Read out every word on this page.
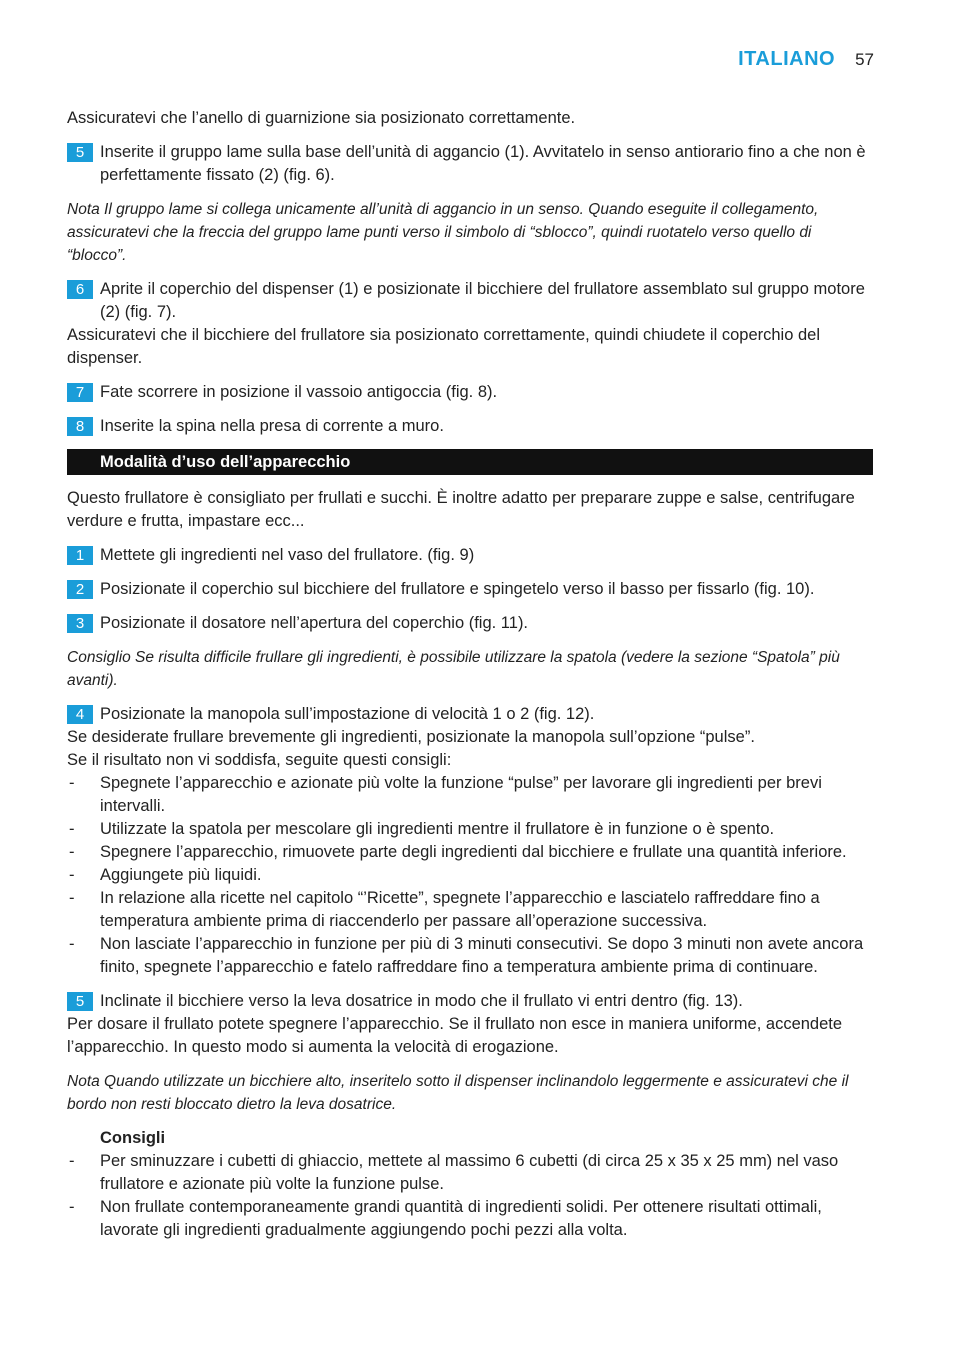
ITALIANO 57

Assicuratevi che l’anello di guarnizione sia posizionato correttamente.

5 Inserite il gruppo lame sulla base dell’unità di aggancio (1). Avvitatelo in senso antiorario fino a che non è perfettamente fissato (2) (fig. 6).

Nota Il gruppo lame si collega unicamente all’unità di aggancio in un senso. Quando eseguite il collegamento, assicuratevi che la freccia del gruppo lame punti verso il simbolo di “sblocco”, quindi ruotatelo verso quello di “blocco”.

6 Aprite il coperchio del dispenser (1) e posizionate il bicchiere del frullatore assemblato sul gruppo motore (2) (fig. 7).

Assicuratevi che il bicchiere del frullatore sia posizionato correttamente, quindi chiudete il coperchio del dispenser.

7 Fate scorrere in posizione il vassoio antigoccia (fig. 8).
8 Inserite la spina nella presa di corrente a muro.
Modalità d’uso dell’apparecchio

Questo frullatore è consigliato per frullati e succhi. È inoltre adatto per preparare zuppe e salse, centrifugare verdure e frutta, impastare ecc...

1 Mettete gli ingredienti nel vaso del frullatore. (fig. 9)
2 Posizionate il coperchio sul bicchiere del frullatore e spingetelo verso il basso per fissarlo (fig. 10).
3 Posizionate il dosatore nell’apertura del coperchio (fig. 11).

Consiglio Se risulta difficile frullare gli ingredienti, è possibile utilizzare la spatola (vedere la sezione “Spatola” più avanti).

4 Posizionate la manopola sull’impostazione di velocità 1 o 2 (fig. 12).

Se desiderate frullare brevemente gli ingredienti, posizionate la manopola sull’opzione “pulse”.

Se il risultato non vi soddisfa, seguite questi consigli:

- Spegnete l’apparecchio e azionate più volte la funzione “pulse” per lavorare gli ingredienti per brevi intervalli.

- Utilizzate la spatola per mescolare gli ingredienti mentre il frullatore è in funzione o è spento.

- Spegnere l’apparecchio, rimuovete parte degli ingredienti dal bicchiere e frullate una quantità inferiore.

- Aggiungete più liquidi.

- In relazione alla ricette nel capitolo “’Ricette”, spegnete l’apparecchio e lasciatelo raffreddare fino a temperatura ambiente prima di riaccenderlo per passare all’operazione successiva.

- Non lasciate l’apparecchio in funzione per più di 3 minuti consecutivi. Se dopo 3 minuti non avete ancora finito, spegnete l’apparecchio e fatelo raffreddare fino a temperatura ambiente prima di continuare.

5 Inclinate il bicchiere verso la leva dosatrice in modo che il frullato vi entri dentro (fig. 13).

Per dosare il frullato potete spegnere l’apparecchio. Se il frullato non esce in maniera uniforme, accendete l’apparecchio. In questo modo si aumenta la velocità di erogazione.

Nota Quando utilizzate un bicchiere alto, inseritelo sotto il dispenser inclinandolo leggermente e assicuratevi che il bordo non resti bloccato dietro la leva dosatrice.

Consigli

- Per sminuzzare i cubetti di ghiaccio, mettete al massimo 6 cubetti (di circa 25 x 35 x 25 mm) nel vaso frullatore e azionate più volte la funzione pulse.

- Non frullate contemporaneamente grandi quantità di ingredienti solidi. Per ottenere risultati ottimali, lavorate gli ingredienti gradualmente aggiungendo pochi pezzi alla volta.
